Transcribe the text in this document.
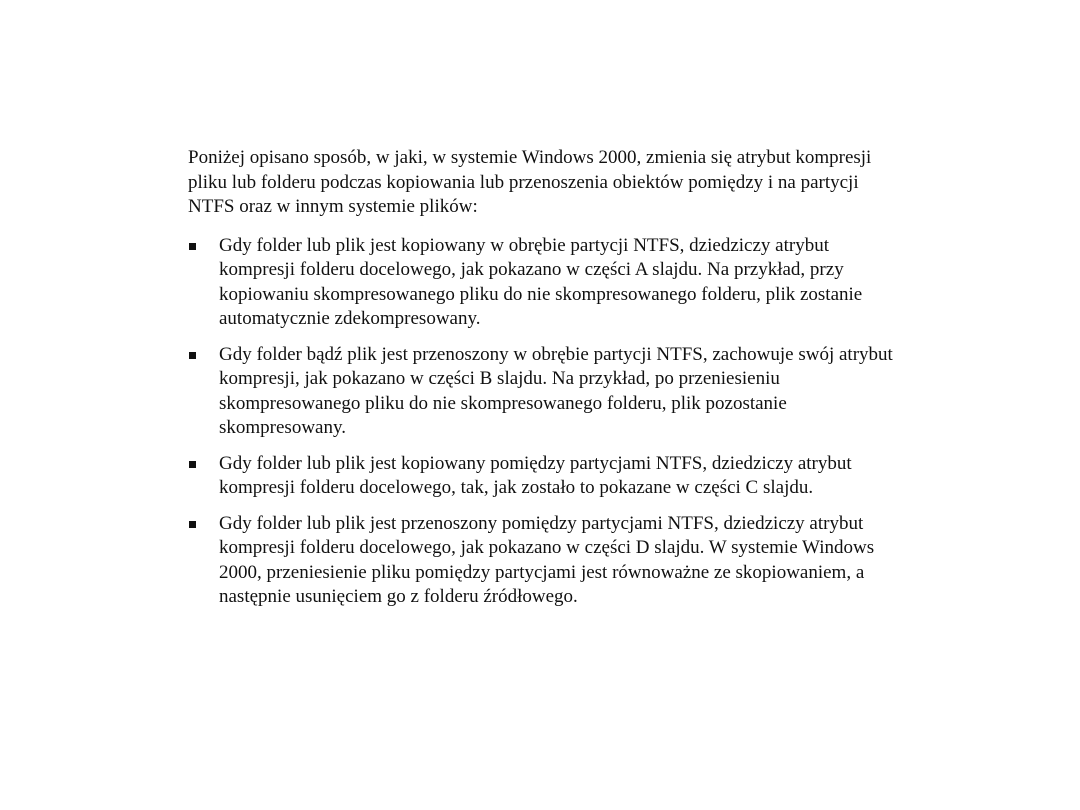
Poniżej opisano sposób, w jaki, w systemie Windows 2000, zmienia się atrybut kompresji pliku lub folderu podczas kopiowania lub przenoszenia obiektów pomiędzy i na partycji NTFS oraz w innym systemie plików:

Gdy folder lub plik jest kopiowany w obrębie partycji NTFS, dziedziczy atrybut kompresji folderu docelowego, jak pokazano w części A slajdu. Na przykład, przy kopiowaniu skompresowanego pliku do nie skompresowanego folderu, plik zostanie automatycznie zdekompresowany.
Gdy folder bądź plik jest przenoszony w obrębie partycji NTFS, zachowuje swój atrybut kompresji, jak pokazano w części B slajdu. Na przykład, po przeniesieniu skompresowanego pliku do nie skompresowanego folderu, plik pozostanie skompresowany.
Gdy folder lub plik jest kopiowany pomiędzy partycjami NTFS, dziedziczy atrybut kompresji folderu docelowego, tak, jak zostało to pokazane w części C slajdu.
Gdy folder lub plik jest przenoszony pomiędzy partycjami NTFS, dziedziczy atrybut kompresji folderu docelowego, jak pokazano w części D slajdu. W systemie Windows 2000, przeniesienie pliku pomiędzy partycjami jest równoważne ze skopiowaniem, a następnie usunięciem go z folderu źródłowego.
